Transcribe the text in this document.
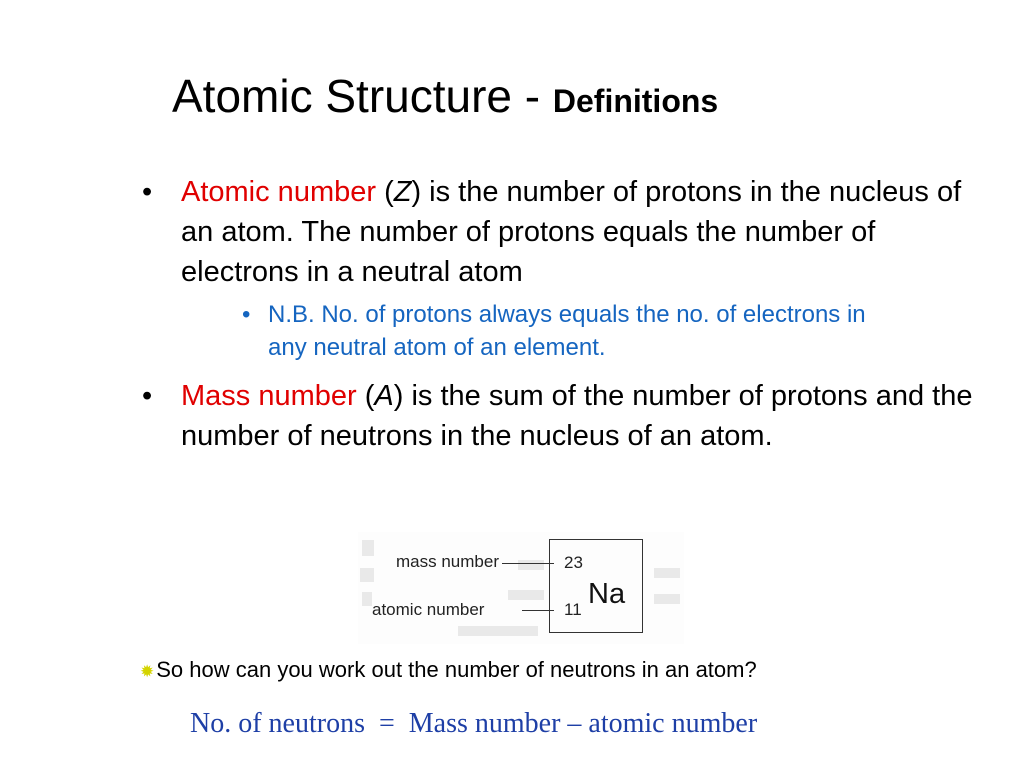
Atomic Structure - Definitions
• Atomic number (Z) is the number of protons in the nucleus of an atom. The number of protons equals the number of electrons in a neutral atom
• N.B. No. of protons always equals the no. of electrons in any neutral atom of an element.
• Mass number (A) is the sum of the number of protons and the number of neutrons in the nucleus of an atom.
mass number
atomic number
23
11 Na
✹So how can you work out the number of neutrons in an atom?
No. of neutrons  =  Mass number – atomic number
